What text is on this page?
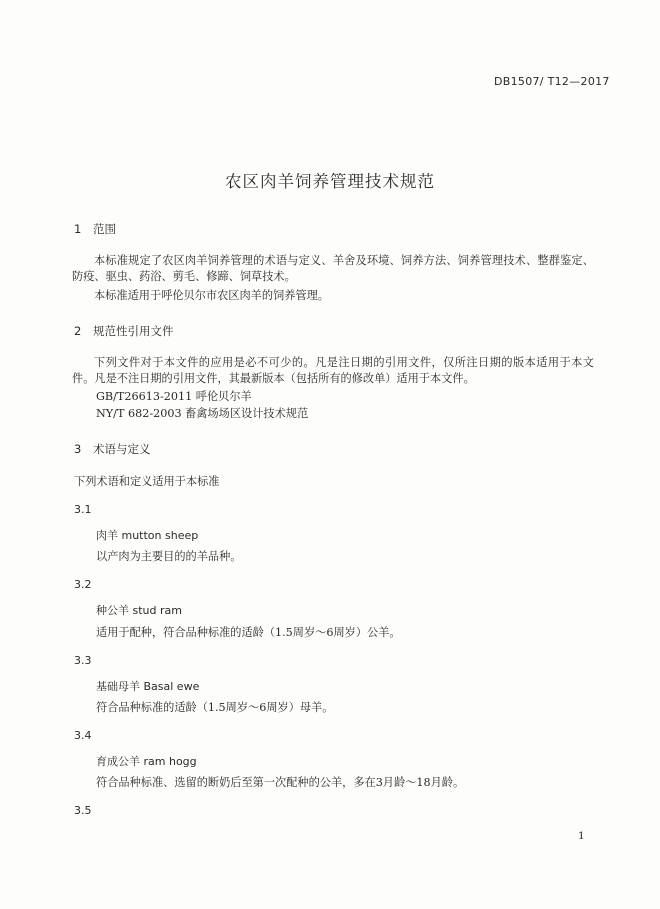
DB1507/ T12—2017
农区肉羊饲养管理技术规范
1 范围
本标准规定了农区肉羊饲养管理的术语与定义、羊舍及环境、饲养方法、饲养管理技术、整群鉴定、防疫、驱虫、药浴、剪毛、修蹄、饲草技术。
本标准适用于呼伦贝尔市农区肉羊的饲养管理。
2 规范性引用文件
下列文件对于本文件的应用是必不可少的。凡是注日期的引用文件，仅所注日期的版本适用于本文件。凡是不注日期的引用文件，其最新版本（包括所有的修改单）适用于本文件。
GB/T26613-2011 呼伦贝尔羊
NY/T 682-2003 畜禽场场区设计技术规范
3 术语与定义
下列术语和定义适用于本标准
3.1
肉羊 mutton sheep
以产肉为主要目的的羊品种。
3.2
种公羊 stud ram
适用于配种，符合品种标准的适龄（1.5周岁～6周岁）公羊。
3.3
基础母羊 Basal ewe
符合品种标准的适龄（1.5周岁～6周岁）母羊。
3.4
育成公羊 ram hogg
符合品种标准、选留的断奶后至第一次配种的公羊，多在3月龄～18月龄。
3.5
1
